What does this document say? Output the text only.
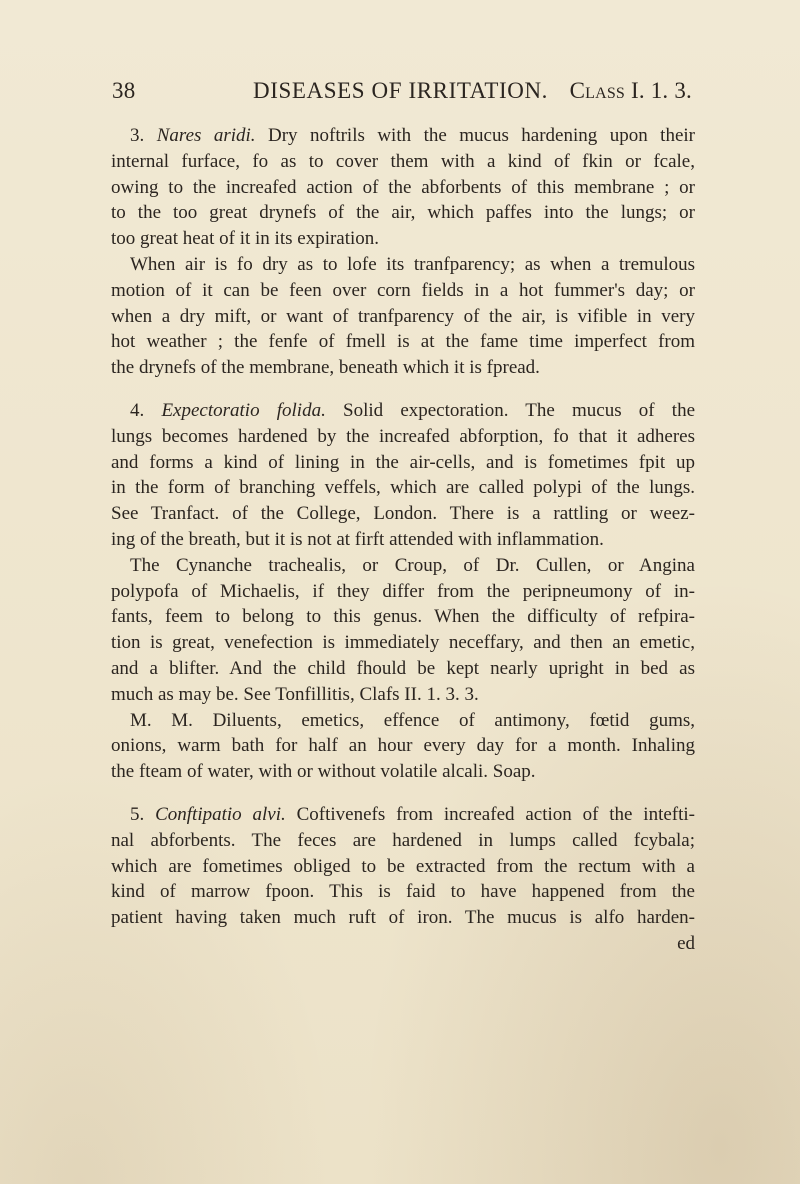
38	DISEASES OF IRRITATION. Class I. 1. 3.
3. Nares aridi. Dry noftrils with the mucus hardening upon their
internal furface, fo as to cover them with a kind of fkin or fcale,
owing to the increafed action of the abforbents of this membrane ; or
to the too great drynefs of the air, which paffes into the lungs; or
too great heat of it in its expiration.
When air is fo dry as to lofe its tranfparency; as when a tremulous
motion of it can be feen over corn fields in a hot fummer's day; or
when a dry mift, or want of tranfparency of the air, is vifible in very
hot weather ; the fenfe of fmell is at the fame time imperfect from
the drynefs of the membrane, beneath which it is fpread.
4. Expectoratio folida. Solid expectoration. The mucus of the
lungs becomes hardened by the increafed abforption, fo that it adheres
and forms a kind of lining in the air-cells, and is fometimes fpit up
in the form of branching veffels, which are called polypi of the lungs.
See Tranfact. of the College, London. There is a rattling or weez-
ing of the breath, but it is not at firft attended with inflammation.
The Cynanche trachealis, or Croup, of Dr. Cullen, or Angina
polypofa of Michaelis, if they differ from the peripneumony of in-
fants, feem to belong to this genus. When the difficulty of refpira-
tion is great, venefection is immediately neceffary, and then an emetic,
and a blifter. And the child fhould be kept nearly upright in bed as
much as may be. See Tonfillitis, Clafs II. 1. 3. 3.
M. M. Diluents, emetics, effence of antimony, fœtid gums,
onions, warm bath for half an hour every day for a month. Inhaling
the fteam of water, with or without volatile alcali. Soap.
5. Conftipatio alvi. Coftivenefs from increafed action of the intefti-
nal abforbents. The feces are hardened in lumps called fcybala;
which are fometimes obliged to be extracted from the rectum with a
kind of marrow fpoon. This is faid to have happened from the
patient having taken much ruft of iron. The mucus is alfo harden-
ed
